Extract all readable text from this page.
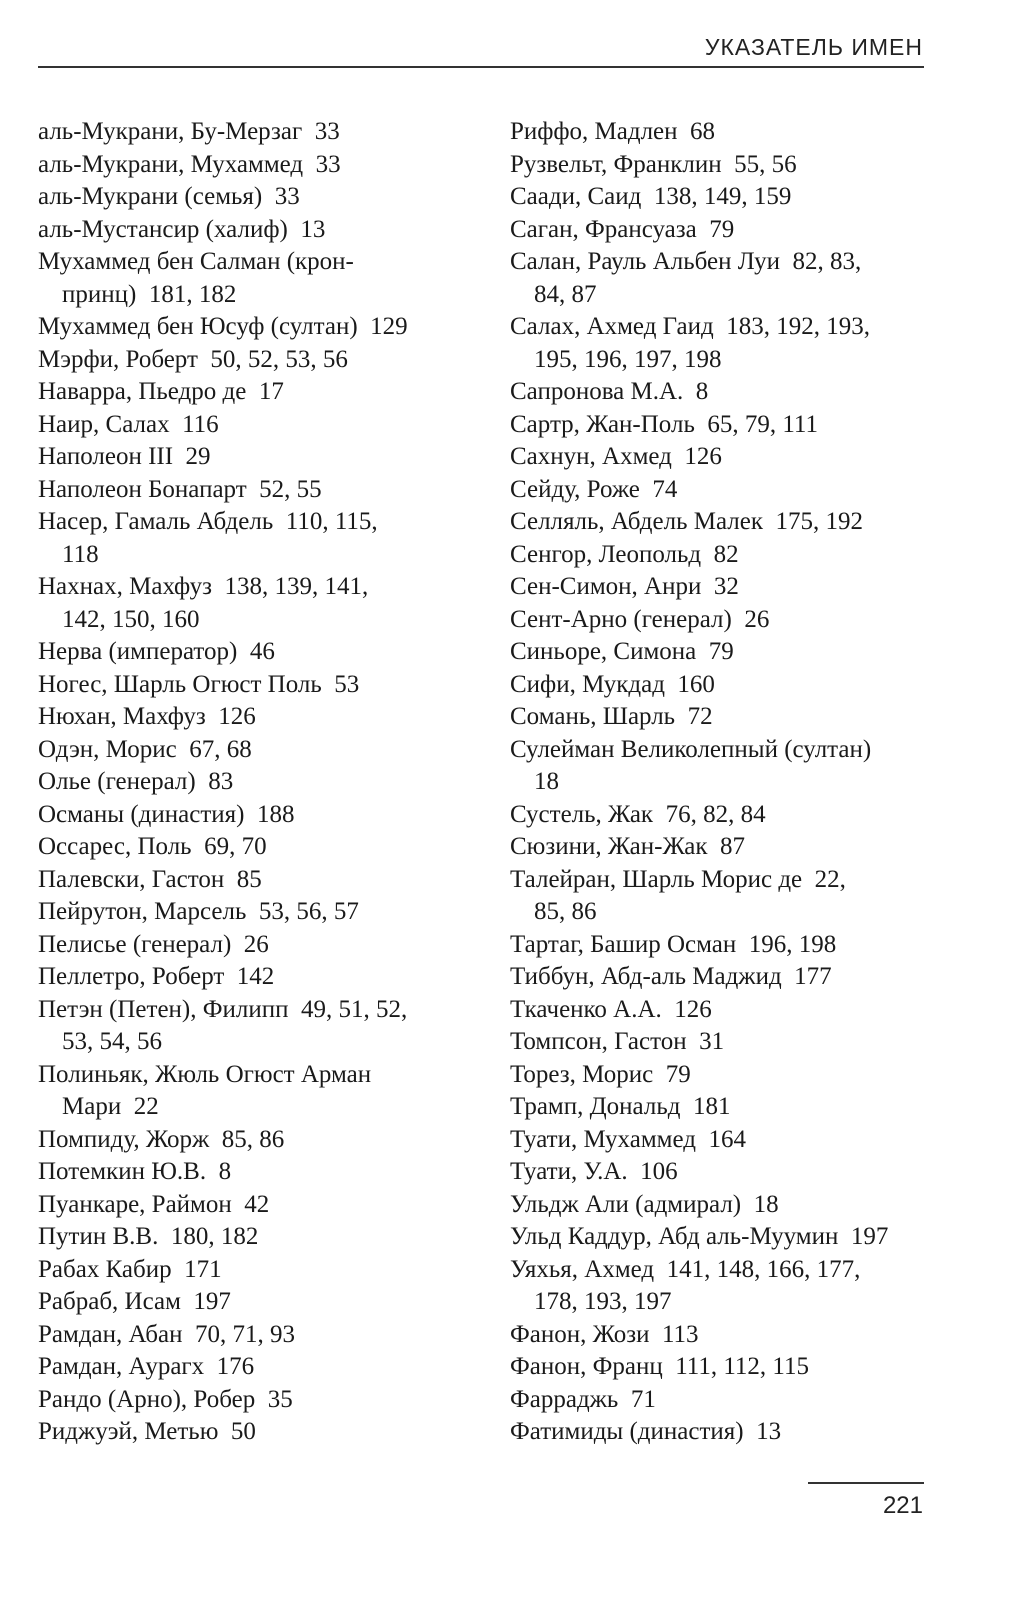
УКАЗАТЕЛЬ ИМЕН
аль-Мукрани, Бу-Мерзаг  33
аль-Мукрани, Мухаммед  33
аль-Мукрани (семья)  33
аль-Мустансир (халиф)  13
Мухаммед бен Салман (крон-
принц)  181, 182
Мухаммед бен Юсуф (султан)  129
Мэрфи, Роберт  50, 52, 53, 56
Наварра, Пьедро де  17
Наир, Салах  116
Наполеон III  29
Наполеон Бонапарт  52, 55
Насер, Гамаль Абдель  110, 115,
118
Нахнах, Махфуз  138, 139, 141,
142, 150, 160
Нерва (император)  46
Ногес, Шарль Огюст Поль  53
Нюхан, Махфуз  126
Одэн, Морис  67, 68
Олье (генерал)  83
Османы (династия)  188
Оссарес, Поль  69, 70
Палевски, Гастон  85
Пейрутон, Марсель  53, 56, 57
Пелисье (генерал)  26
Пеллетро, Роберт  142
Петэн (Петен), Филипп  49, 51, 52,
53, 54, 56
Полиньяк, Жюль Огюст Арман
Мари  22
Помпиду, Жорж  85, 86
Потемкин Ю.В.  8
Пуанкаре, Раймон  42
Путин В.В.  180, 182
Рабах Кабир  171
Рабраб, Исам  197
Рамдан, Абан  70, 71, 93
Рамдан, Аурагх  176
Рандо (Арно), Робер  35
Риджуэй, Метью  50
Риффо, Мадлен  68
Рузвельт, Франклин  55, 56
Саади, Саид  138, 149, 159
Саган, Франсуаза  79
Салан, Рауль Альбен Луи  82, 83,
84, 87
Салах, Ахмед Гаид  183, 192, 193,
195, 196, 197, 198
Сапронова М.А.  8
Сартр, Жан-Поль  65, 79, 111
Сахнун, Ахмед  126
Сейду, Роже  74
Селляль, Абдель Малек  175, 192
Сенгор, Леопольд  82
Сен-Симон, Анри  32
Сент-Арно (генерал)  26
Синьоре, Симона  79
Сифи, Мукдад  160
Сомань, Шарль  72
Сулейман Великолепный (султан)
18
Сустель, Жак  76, 82, 84
Сюзини, Жан-Жак  87
Талейран, Шарль Морис де  22,
85, 86
Тартаг, Башир Осман  196, 198
Тиббун, Абд-аль Маджид  177
Ткаченко А.А.  126
Томпсон, Гастон  31
Торез, Морис  79
Трамп, Дональд  181
Туати, Мухаммед  164
Туати, У.А.  106
Ульдж Али (адмирал)  18
Ульд Каддур, Абд аль-Муумин  197
Уяхья, Ахмед  141, 148, 166, 177,
178, 193, 197
Фанон, Жози  113
Фанон, Франц  111, 112, 115
Фарраджь  71
Фатимиды (династия)  13
221
